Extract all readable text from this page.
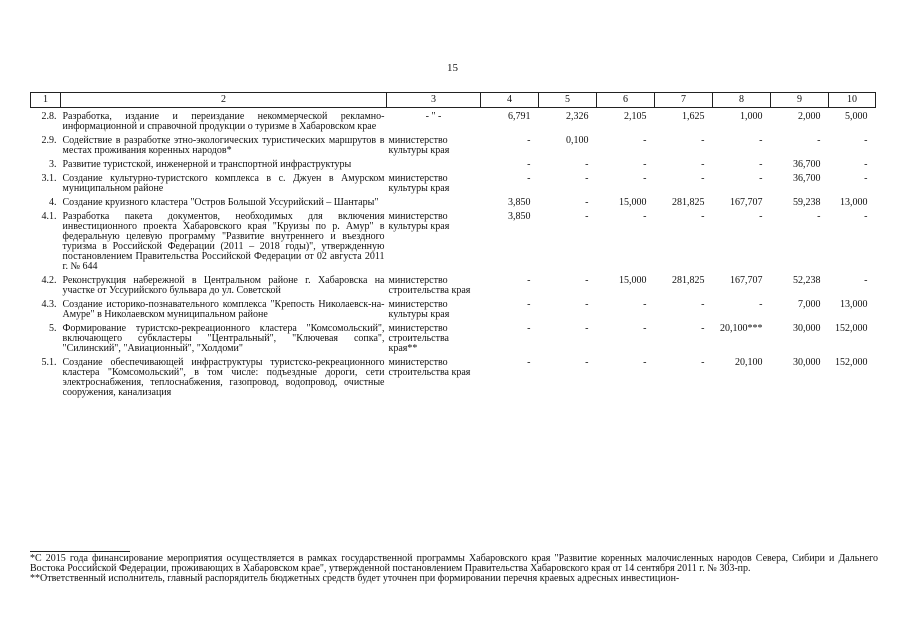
15
1	2	3	4	5	6	7	8	9	10

2.8.	Разработка, издание и переиздание некоммерческой рекламно-информационной и справочной продукции о туризме в Хабаровском крае	- " -	6,791	2,326	2,105	1,625	1,000	2,000	5,000

2.9.	Содействие в разработке этно-экологических туристических маршрутов в местах проживания коренных народов*	министерство культуры края	-	0,100	-	-	-	-	-

3.	Развитие туристской, инженерной и транспортной инфраструктуры		-	-	-	-	-	36,700	-

3.1.	Создание культурно-туристского комплекса в с. Джуен в Амурском муниципальном районе	министерство культуры края	-	-	-	-	-	36,700	-

4.	Создание круизного кластера "Остров Большой Уссурийский – Шантары"		3,850	-	15,000	281,825	167,707	59,238	13,000

4.1.	Разработка пакета документов, необходимых для включения инвестиционного проекта Хабаровского края "Круизы по р. Амур" в федеральную целевую программу "Развитие внутреннего и въездного туризма в Российской Федерации (2011 – 2018 годы)", утвержденную постановлением Правительства Российской Федерации от 02 августа 2011 г. № 644	министерство культуры края	3,850	-	-	-	-	-	-

4.2.	Реконструкция набережной в Центральном районе г. Хабаровска на участке от Уссурийского бульвара до ул. Советской	министерство строительства края	-	-	15,000	281,825	167,707	52,238	-

4.3.	Создание историко-познавательного комплекса "Крепость Николаевск-на-Амуре" в Николаевском муниципальном районе	министерство культуры края	-	-	-	-	-	7,000	13,000

5.	Формирование туристско-рекреационного кластера "Комсомольский", включающего субкластеры "Центральный", "Ключевая сопка", "Силинский", "Авиационный", "Холдоми"	министерство строительства края**	-	-	-	-	20,100***	30,000	152,000

5.1.	Создание обеспечивающей инфраструктуры туристско-рекреационного кластера "Комсомольский", в том числе: подъездные дороги, сети электроснабжения, теплоснабжения, газопровод, водопровод, очистные сооружения, канализация	министерство строительства края	-	-	-	-	20,100	30,000	152,000

*С 2015 года финансирование мероприятия осуществляется в рамках государственной программы Хабаровского края "Развитие коренных малочисленных народов Севера, Сибири и Дальнего Востока Российской Федерации, проживающих в Хабаровском крае", утвержденной постановлением Правительства Хабаровского края от 14 сентября 2011 г. № 303-пр.

**Ответственный исполнитель, главный распорядитель бюджетных средств будет уточнен при формировании перечня краевых адресных инвестицион-
